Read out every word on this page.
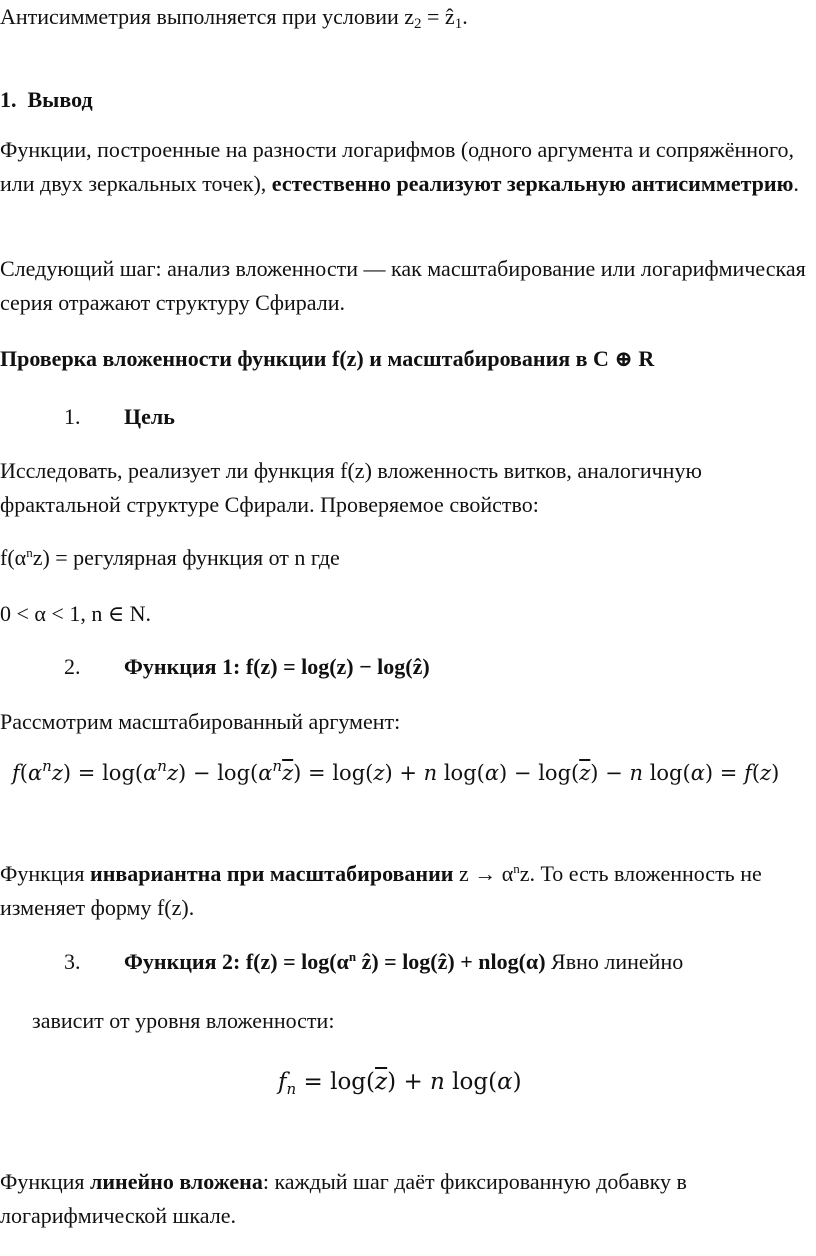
Антисимметрия выполняется при условии $z_2$ = ẑ$_1$.

1. Вывод

Функции, построенные на разности логарифмов (одного аргумента и сопряжённого, или двух зеркальных точек), естественно реализуют зеркальную антисимметрию.

Следующий шаг: анализ вложенности — как масштабирование или логарифмическая серия отражают структуру Сфирали.

Проверка вложенности функции f(z) и масштабирования в C ⊕ R

1. Цель

Исследовать, реализует ли функция f(z) вложенность витков, аналогичную фрактальной структуре Сфирали. Проверяемое свойство:

$f(\alpha^nz)$ = регулярная функция от n где

0 < α < 1, n ∈ N.

2. Функция 1: f(z) = log(z) − log(ẑ)

Рассмотрим масштабированный аргумент:

$f(\alpha^nz) = \log(\alpha^nz) - \log(\alpha^n\overline{z}) = \log(z) + n$ $\log(\alpha) - \log(\overline{z}) - n$ log(α) = f(z)

Функция инвариантна при масштабировании $z \to \alpha^nz$. То есть вложенность не изменяет форму f(z).

3. Функция 2: $f(z) = \log(\alpha^n$ ẑ) = log(ẑ) + nlog(α) Явно линейно

зависит от уровня вложенности:

$f_n = \log(\overline{z}) + n$ log(α)

Функция линейно вложена: каждый шаг даёт фиксированную добавку в логарифмической шкале.
